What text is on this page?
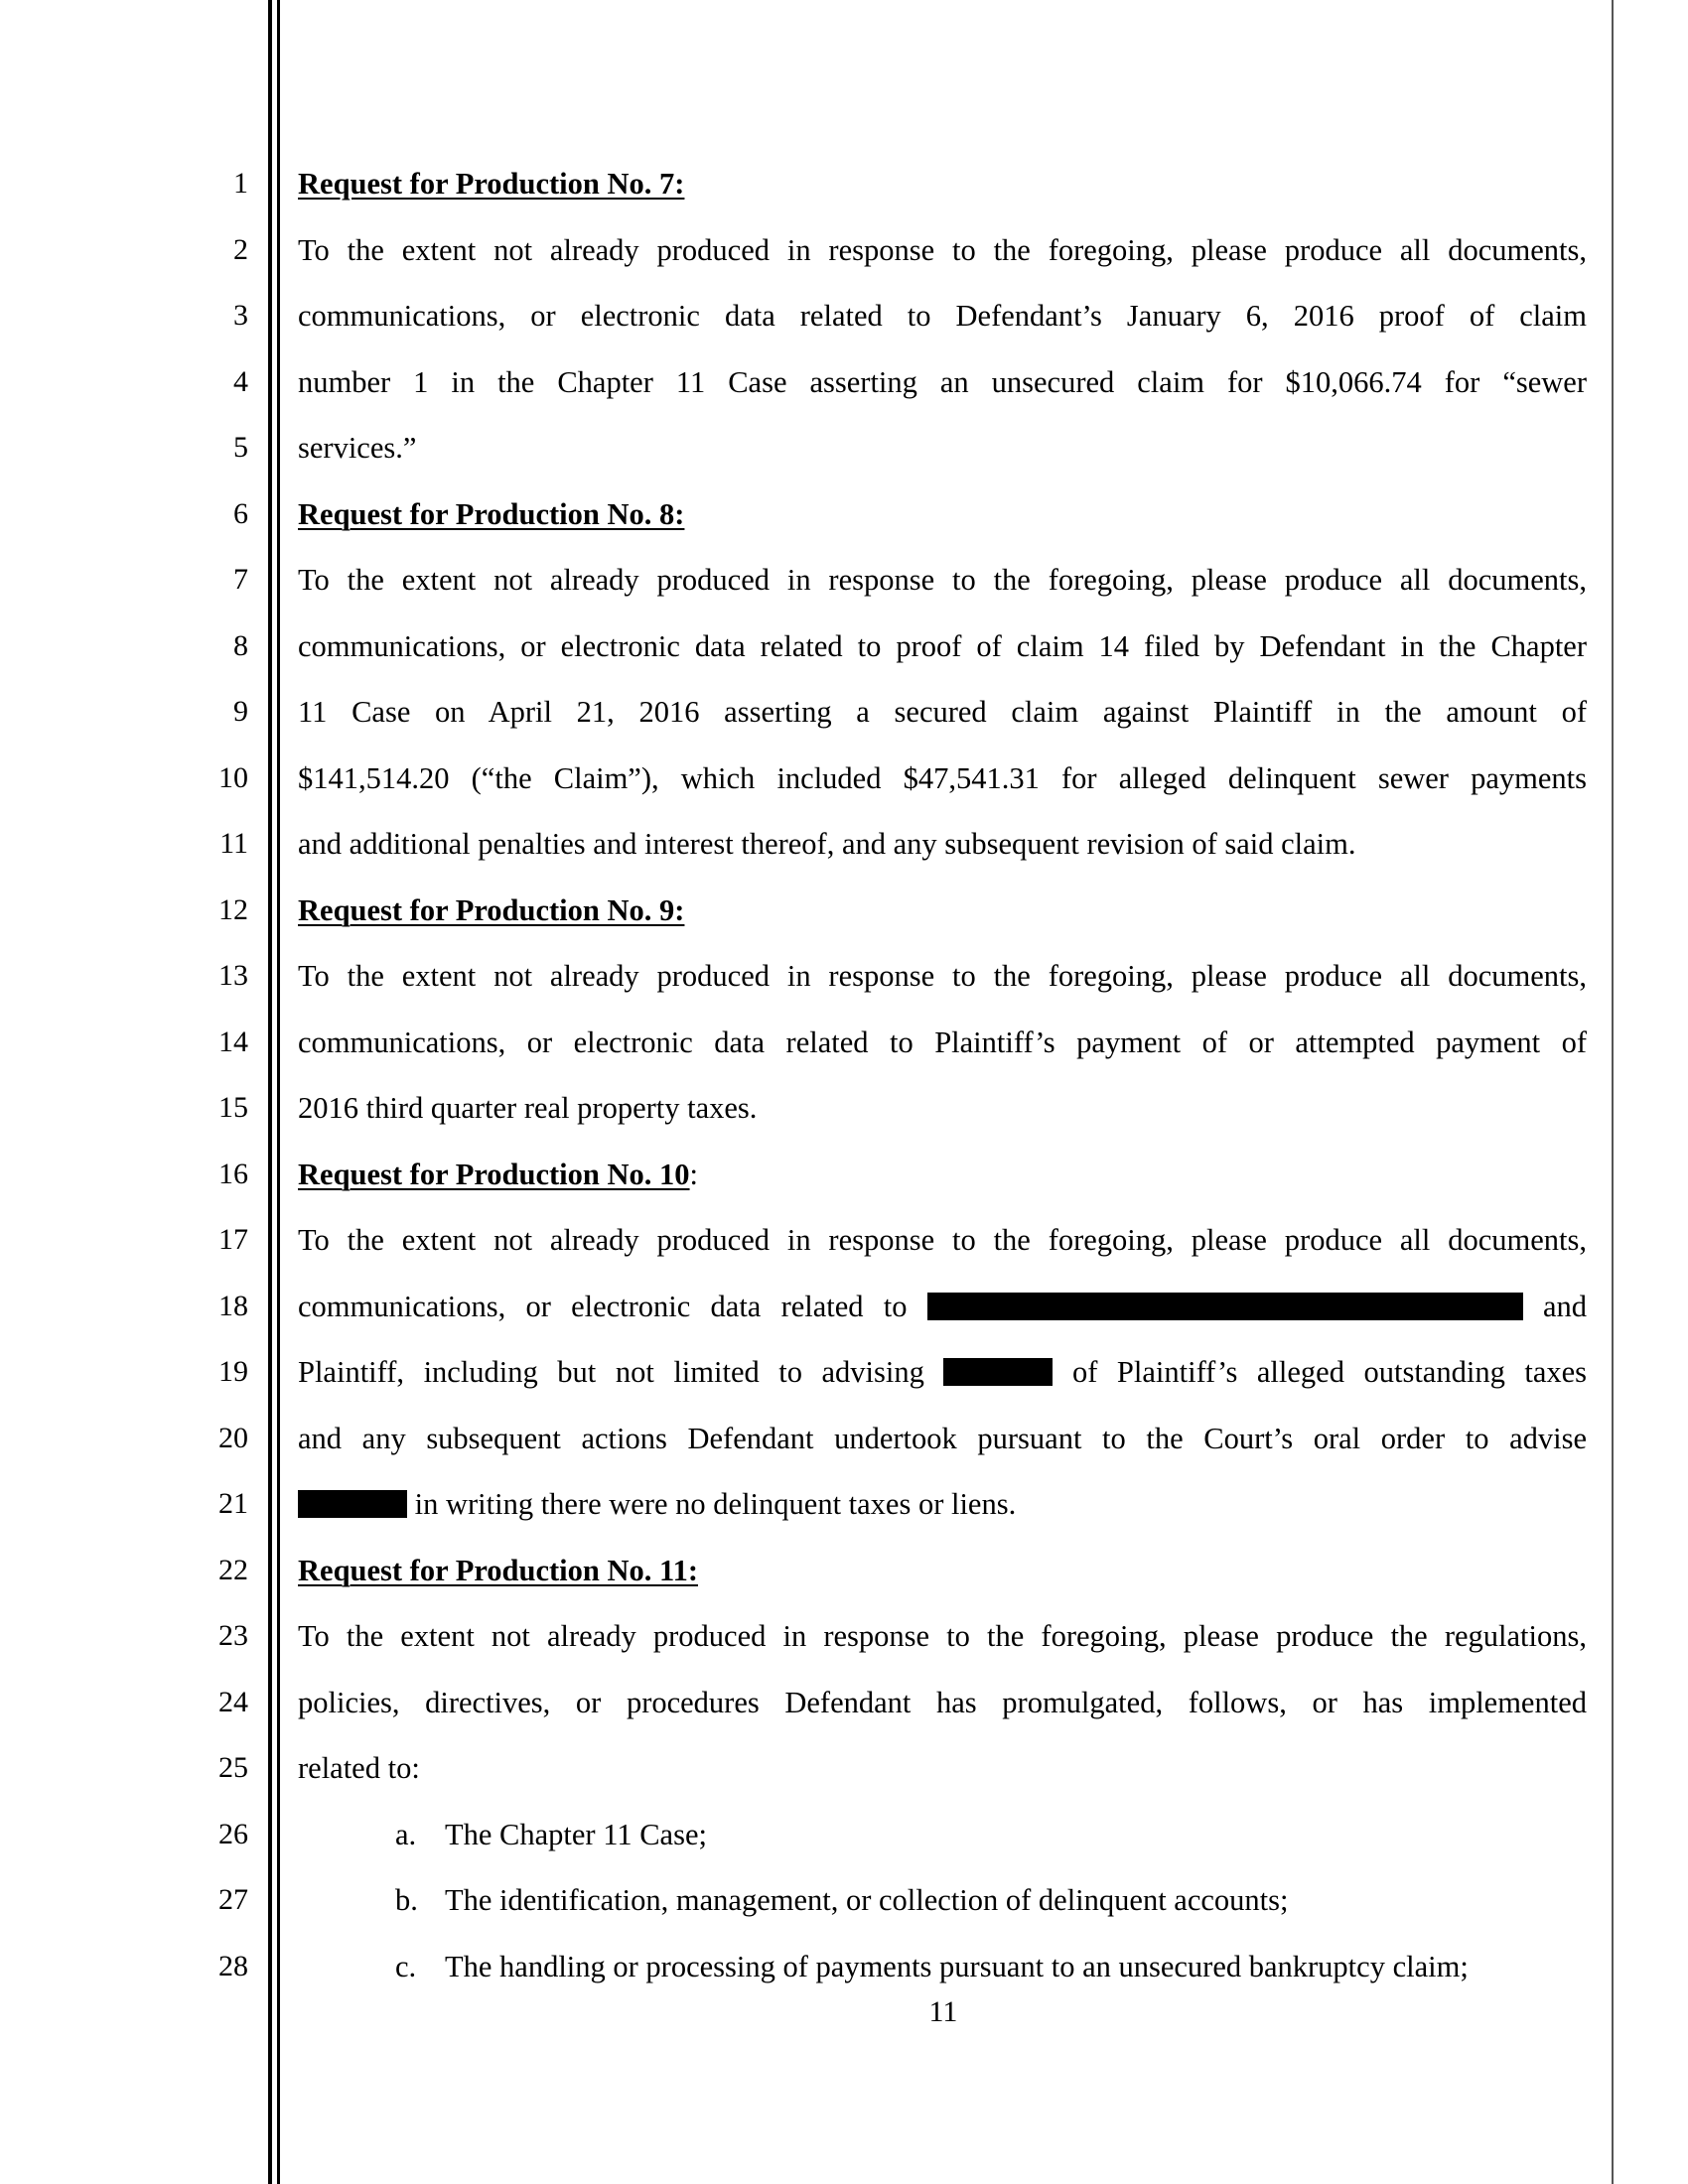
1
2
3
4
5
6
7
8
9
10
11
12
13
14
15
16
17
18
19
20
21
22
23
24
25
26
27
28
Request for Production No. 7:
To the extent not already produced in response to the foregoing, please produce all documents,
communications, or electronic data related to Defendant’s January 6, 2016 proof of claim
number 1 in the Chapter 11 Case asserting an unsecured claim for $10,066.74 for “sewer
services.”
Request for Production No. 8:
To the extent not already produced in response to the foregoing, please produce all documents,
communications, or electronic data related to proof of claim 14 filed by Defendant in the Chapter
11 Case on April 21, 2016 asserting a secured claim against Plaintiff in the amount of
$141,514.20 (“the Claim”), which included $47,541.31 for alleged delinquent sewer payments
and additional penalties and interest thereof, and any subsequent revision of said claim.
Request for Production No. 9:
To the extent not already produced in response to the foregoing, please produce all documents,
communications, or electronic data related to Plaintiff’s payment of or attempted payment of
2016 third quarter real property taxes.
Request for Production No. 10:
To the extent not already produced in response to the foregoing, please produce all documents,
communications, or electronic data related to	and
Plaintiff, including but not limited to advising	of Plaintiff’s alleged outstanding taxes
and any subsequent actions Defendant undertook pursuant to the Court’s oral order to advise
in writing there were no delinquent taxes or liens.
Request for Production No. 11:
To the extent not already produced in response to the foregoing, please produce the regulations,
policies, directives, or procedures Defendant has promulgated, follows, or has implemented
related to:
a. The Chapter 11 Case;
b. The identification, management, or collection of delinquent accounts;
c. The handling or processing of payments pursuant to an unsecured bankruptcy claim;
11
